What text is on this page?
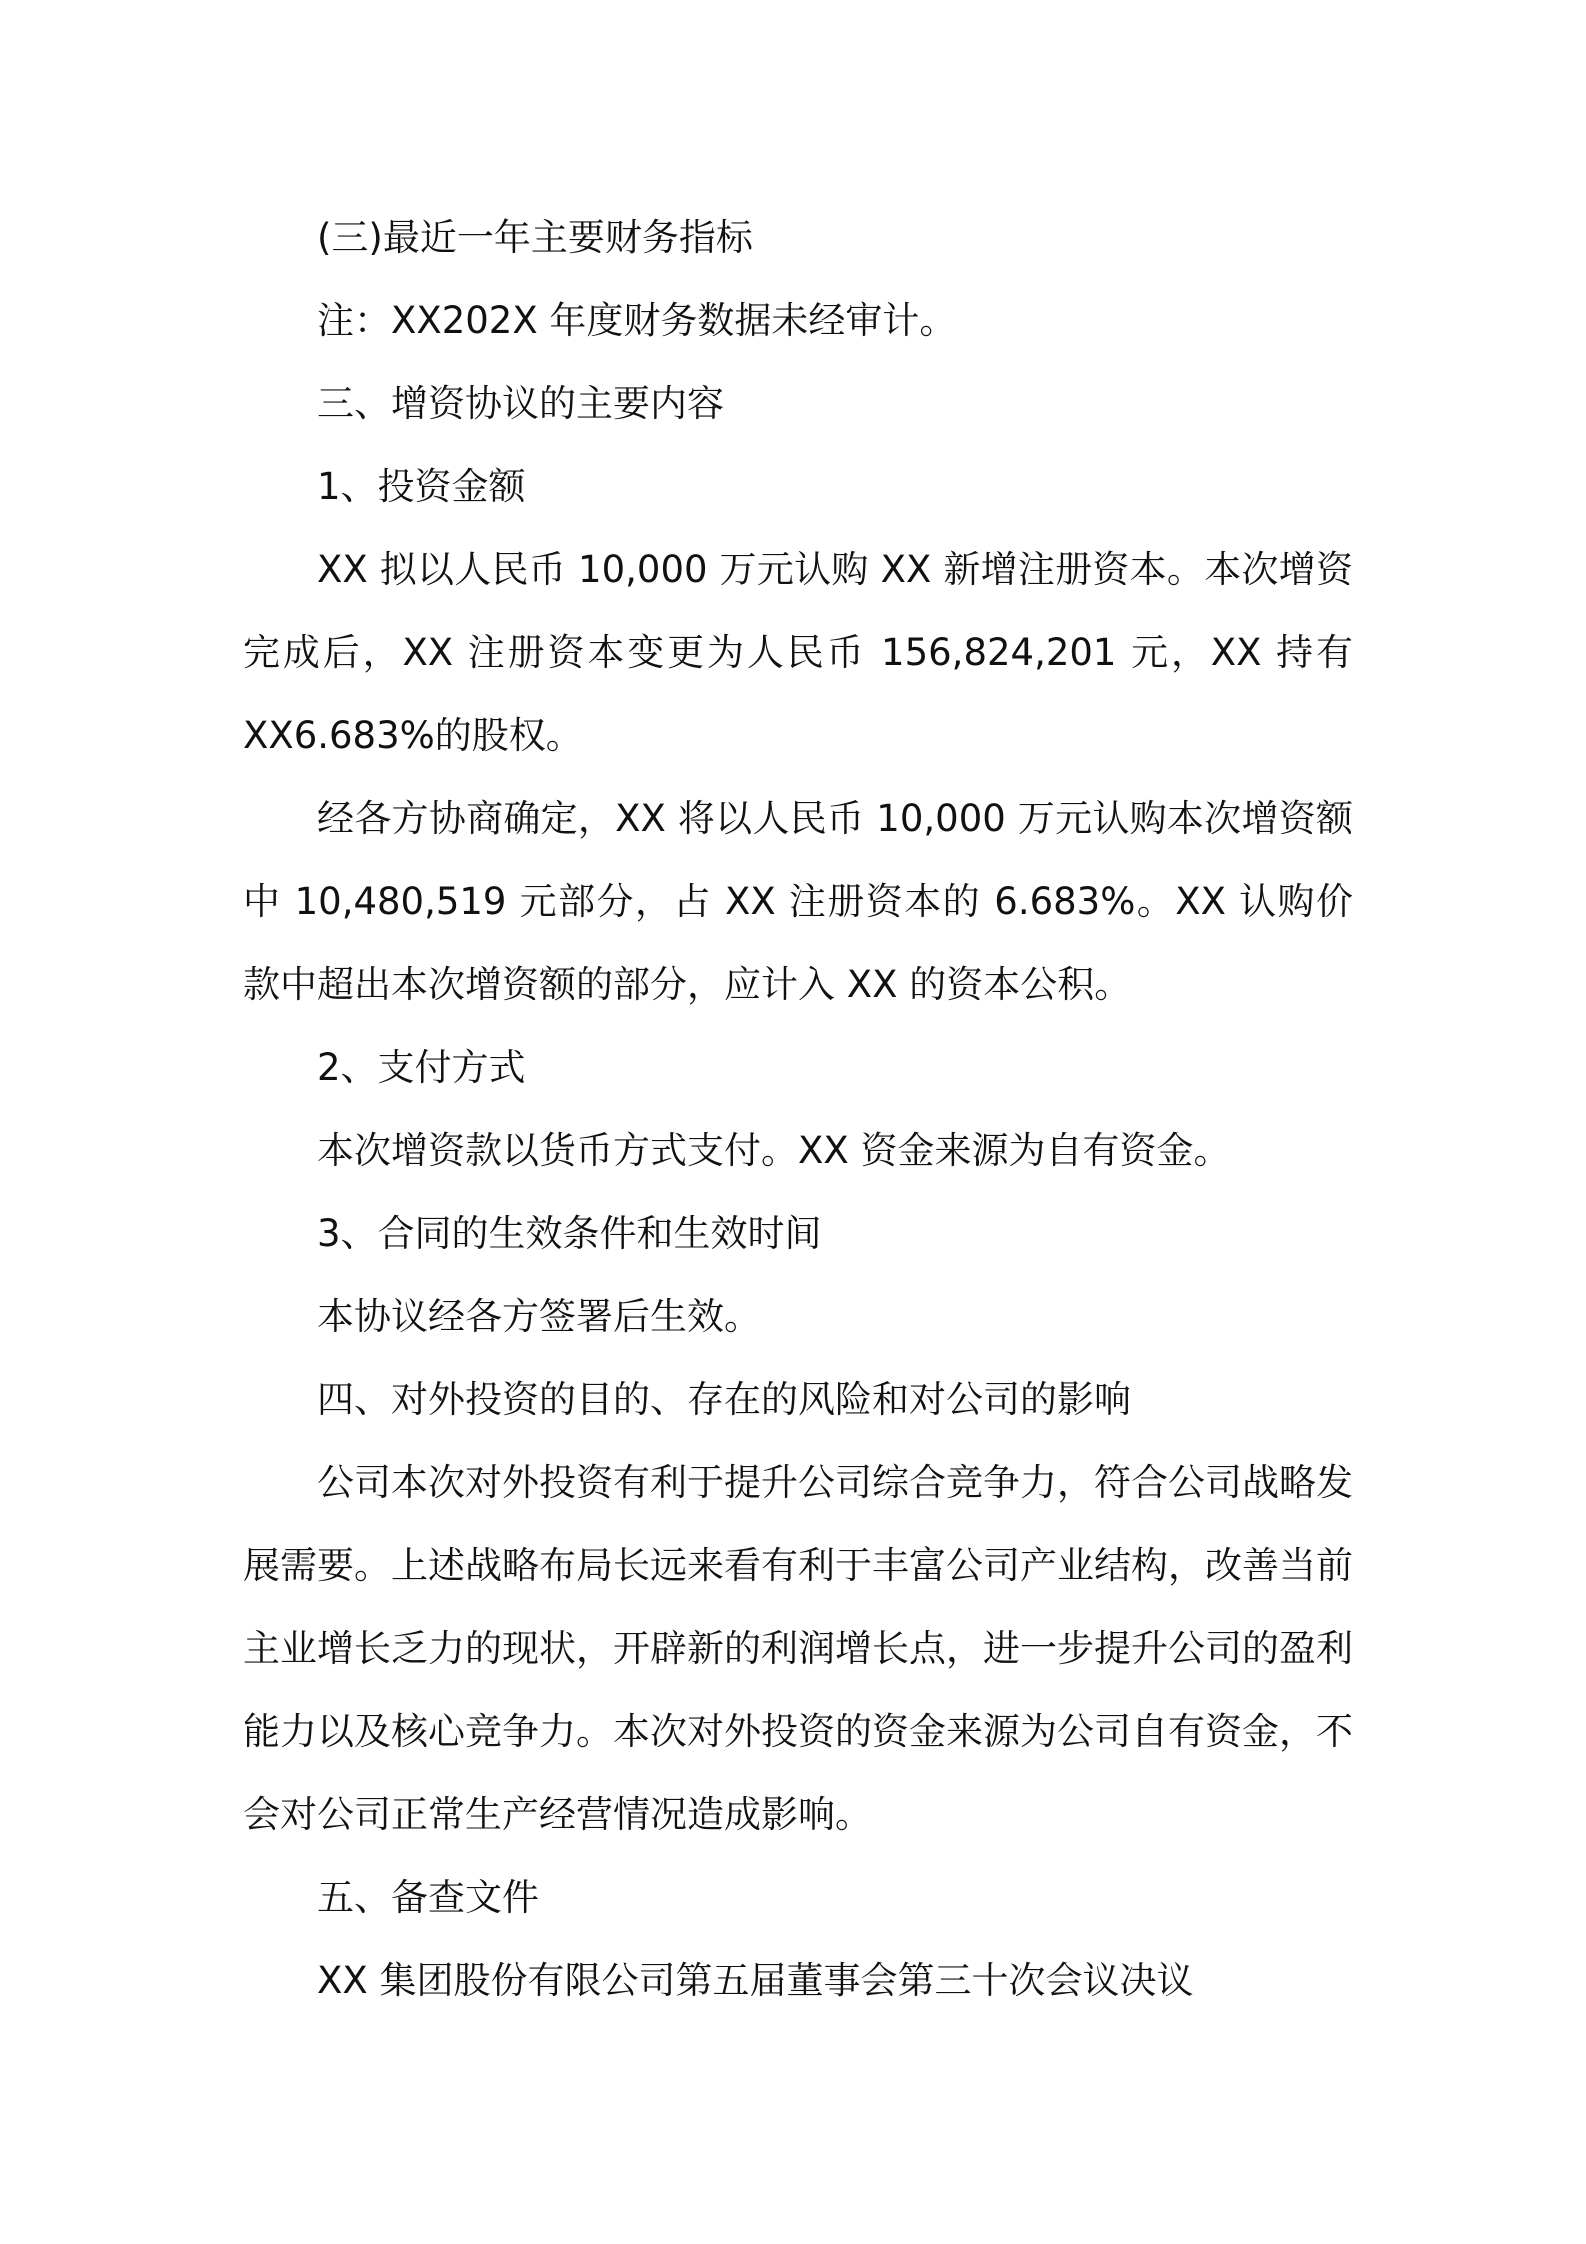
(三)最近一年主要财务指标

注：XX202X 年度财务数据未经审计。

三、增资协议的主要内容

1、投资金额

XX 拟以人民币 10,000 万元认购 XX 新增注册资本。本次增资完成后，XX 注册资本变更为人民币 156,824,201 元，XX 持有 XX6.683%的股权。

经各方协商确定，XX 将以人民币 10,000 万元认购本次增资额中 10,480,519 元部分，占 XX 注册资本的 6.683%。XX 认购价款中超出本次增资额的部分，应计入 XX 的资本公积。

2、支付方式

本次增资款以货币方式支付。XX 资金来源为自有资金。

3、合同的生效条件和生效时间

本协议经各方签署后生效。

四、对外投资的目的、存在的风险和对公司的影响

公司本次对外投资有利于提升公司综合竞争力，符合公司战略发展需要。上述战略布局长远来看有利于丰富公司产业结构，改善当前主业增长乏力的现状，开辟新的利润增长点，进一步提升公司的盈利能力以及核心竞争力。本次对外投资的资金来源为公司自有资金，不会对公司正常生产经营情况造成影响。

五、备查文件

XX 集团股份有限公司第五届董事会第三十次会议决议
